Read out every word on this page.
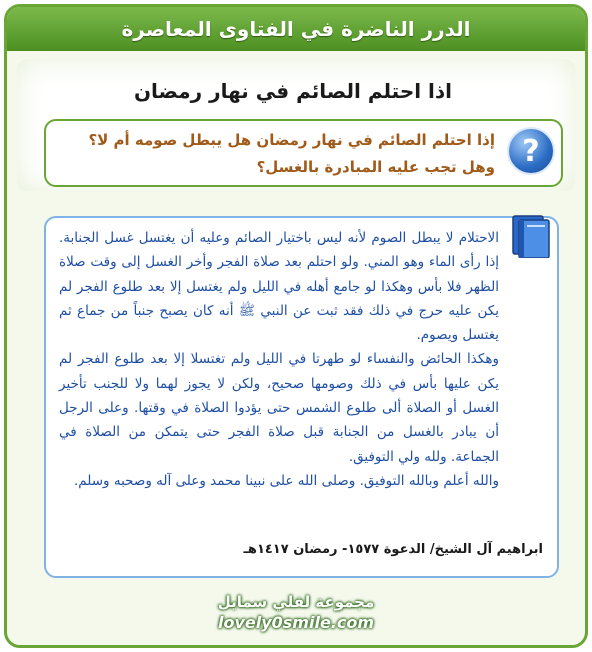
الدرر الناضرة في الفتاوى المعاصرة
اذا احتلم الصائم في نهار رمضان
?
إذا احتلم الصائم في نهار رمضان هل يبطل صومه أم لا؟ وهل تجب عليه المبادرة بالغسل؟

الاحتلام لا يبطل الصوم لأنه ليس باختيار الصائم وعليه أن يغتسل غسل الجنابة. إذا رأى الماء وهو المني. ولو احتلم بعد صلاة الفجر وأخر الغسل إلى وقت صلاة الظهر فلا بأس وهكذا لو جامع أهله في الليل ولم يغتسل إلا بعد طلوع الفجر لم يكن عليه حرج في ذلك فقد ثبت عن النبي ﷺ أنه كان يصبح جنباً من جماع ثم يغتسل ويصوم.

وهكذا الحائض والنفساء لو طهرتا في الليل ولم تغتسلا إلا بعد طلوع الفجر لم يكن عليها بأس في ذلك وصومها صحيح، ولكن لا يجوز لهما ولا للجنب تأخير الغسل أو الصلاة ألى طلوع الشمس حتى يؤدوا الصلاة في وقتها. وعلى الرجل أن يبادر بالغسل من الجنابة قبل صلاة الفجر حتى يتمكن من الصلاة في الجماعة. ولله ولي التوفيق.

والله أعلم وبالله التوفيق. وصلى الله على نبينا محمد وعلى آله وصحبه وسلم.

ابراهيم آل الشيخ/ الدعوة ١٥٧٧- رمضان ١٤١٧هـ
مجموعة لفلي سمايل
lovely0smile.com
